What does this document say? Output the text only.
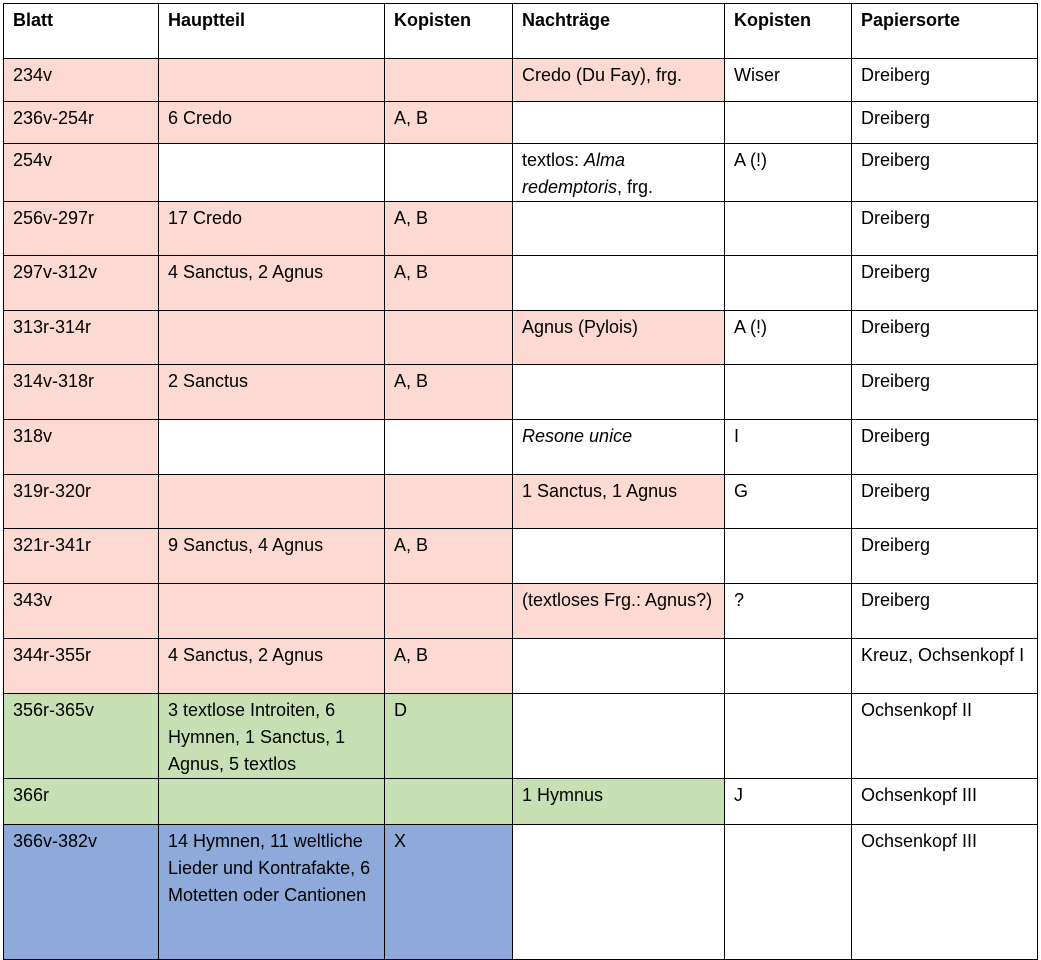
Blatt	Hauptteil	Kopisten	Nachträge	Kopisten	Papiersorte
234v			Credo (Du Fay), frg.	Wiser	Dreiberg
236v-254r	6 Credo	A, B			Dreiberg
254v			textlos: Alma redemptoris, frg.	A (!)	Dreiberg
256v-297r	17 Credo	A, B			Dreiberg
297v-312v	4 Sanctus, 2 Agnus	A, B			Dreiberg
313r-314r			Agnus (Pylois)	A (!)	Dreiberg
314v-318r	2 Sanctus	A, B			Dreiberg
318v			Resone unice	I	Dreiberg
319r-320r			1 Sanctus, 1 Agnus	G	Dreiberg
321r-341r	9 Sanctus, 4 Agnus	A, B			Dreiberg
343v			(textloses Frg.: Agnus?)	?	Dreiberg
344r-355r	4 Sanctus, 2 Agnus	A, B			Kreuz, Ochsenkopf I
356r-365v	3 textlose Introiten, 6 Hymnen, 1 Sanctus, 1 Agnus, 5 textlos	D			Ochsenkopf II
366r			1 Hymnus	J	Ochsenkopf III
366v-382v	14 Hymnen, 11 weltliche Lieder und Kontrafakte, 6 Motetten oder Cantionen	X			Ochsenkopf III
